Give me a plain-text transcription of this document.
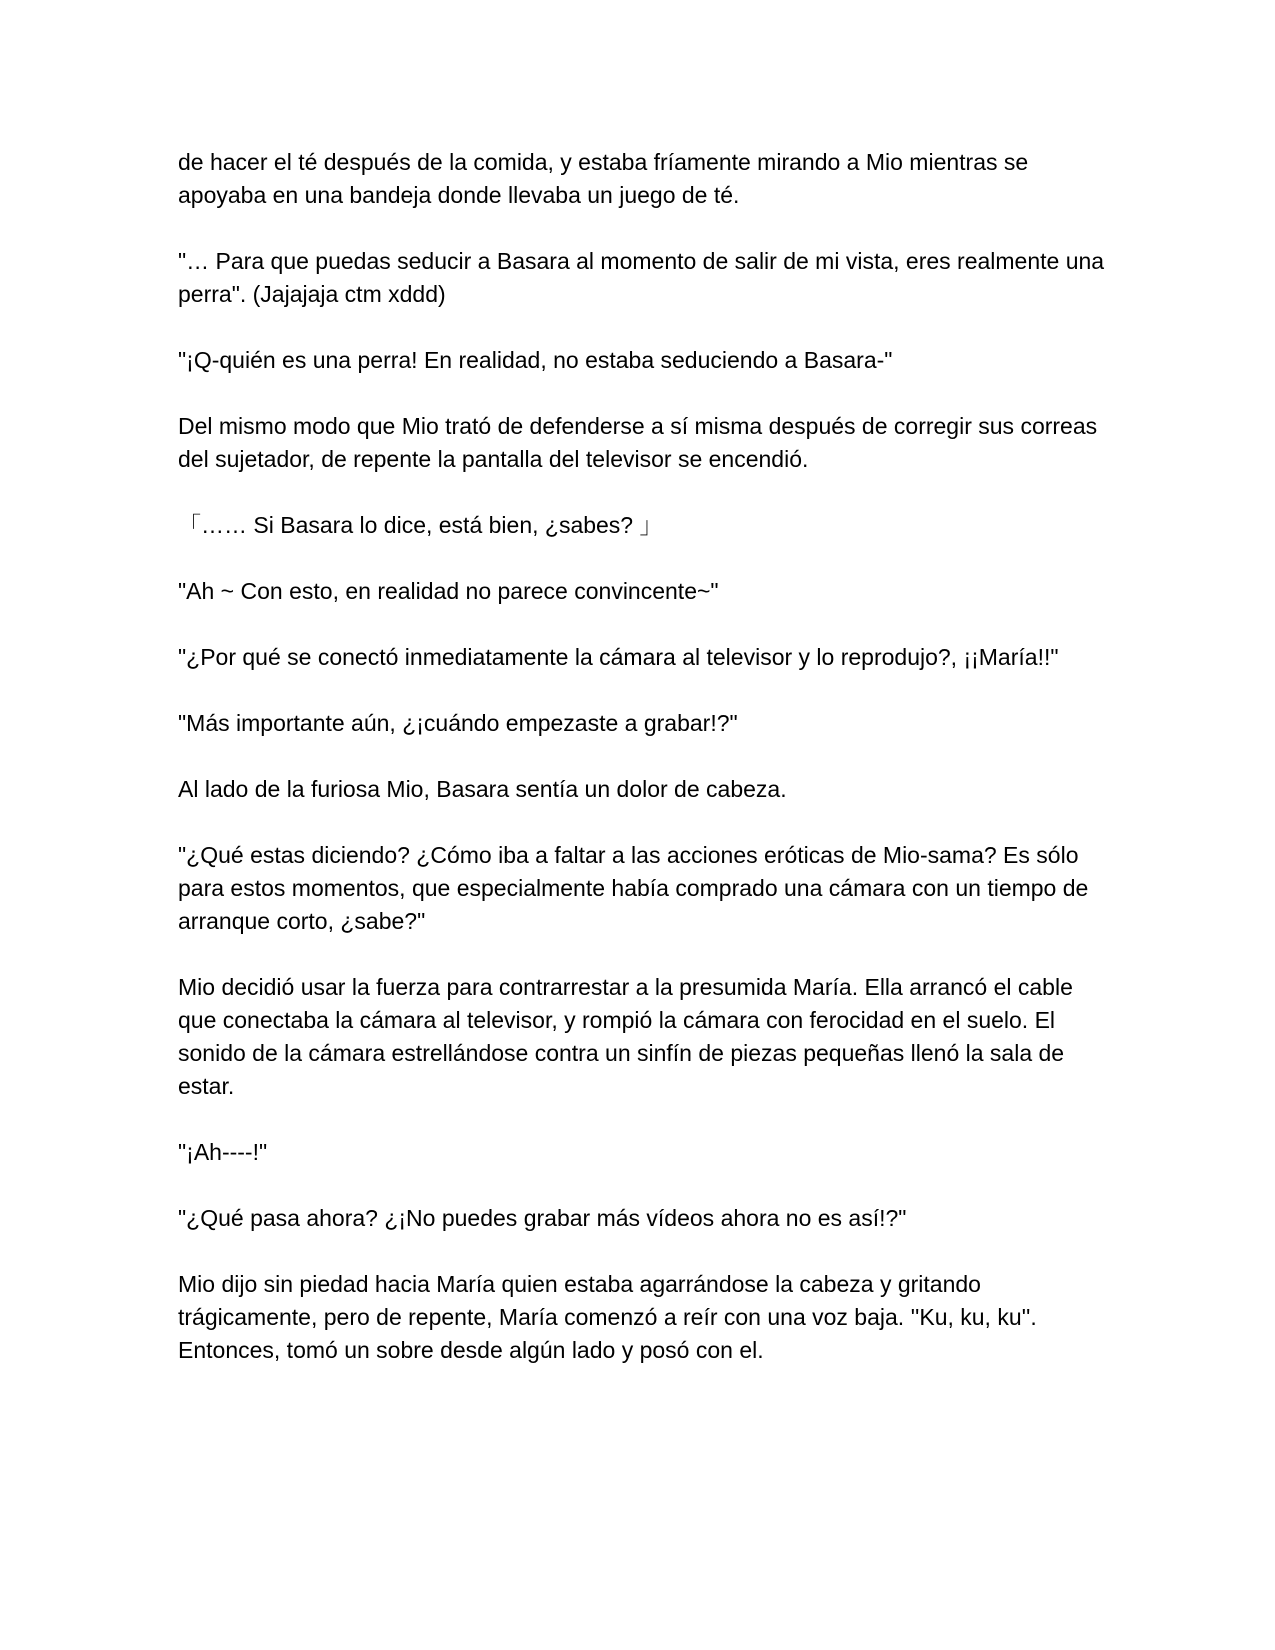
de hacer el té después de la comida, y estaba fríamente mirando a Mio mientras se apoyaba en una bandeja donde llevaba un juego de té.

"… Para que puedas seducir a Basara al momento de salir de mi vista, eres realmente una perra". (Jajajaja ctm xddd)

"¡Q-quién es una perra! En realidad, no estaba seduciendo a Basara-"

Del mismo modo que Mio trató de defenderse a sí misma después de corregir sus correas del sujetador, de repente la pantalla del televisor se encendió.

「…… Si Basara lo dice, está bien, ¿sabes? 」

"Ah ~ Con esto, en realidad no parece convincente~"

"¿Por qué se conectó inmediatamente la cámara al televisor y lo reprodujo?, ¡¡María!!"

"Más importante aún, ¿¡cuándo empezaste a grabar!?"

Al lado de la furiosa Mio, Basara sentía un dolor de cabeza.

"¿Qué estas diciendo? ¿Cómo iba a faltar a las acciones eróticas de Mio-sama? Es sólo para estos momentos, que especialmente había comprado una cámara con un tiempo de arranque corto, ¿sabe?"

Mio decidió usar la fuerza para contrarrestar a la presumida María. Ella arrancó el cable que conectaba la cámara al televisor, y rompió la cámara con ferocidad en el suelo. El sonido de la cámara estrellándose contra un sinfín de piezas pequeñas llenó la sala de estar.

"¡Ah----!"

"¿Qué pasa ahora? ¿¡No puedes grabar más vídeos ahora no es así!?"

Mio dijo sin piedad hacia María quien estaba agarrándose la cabeza y gritando trágicamente, pero de repente, María comenzó a reír con una voz baja. ''Ku, ku, ku''. Entonces, tomó un sobre desde algún lado y posó con el.
